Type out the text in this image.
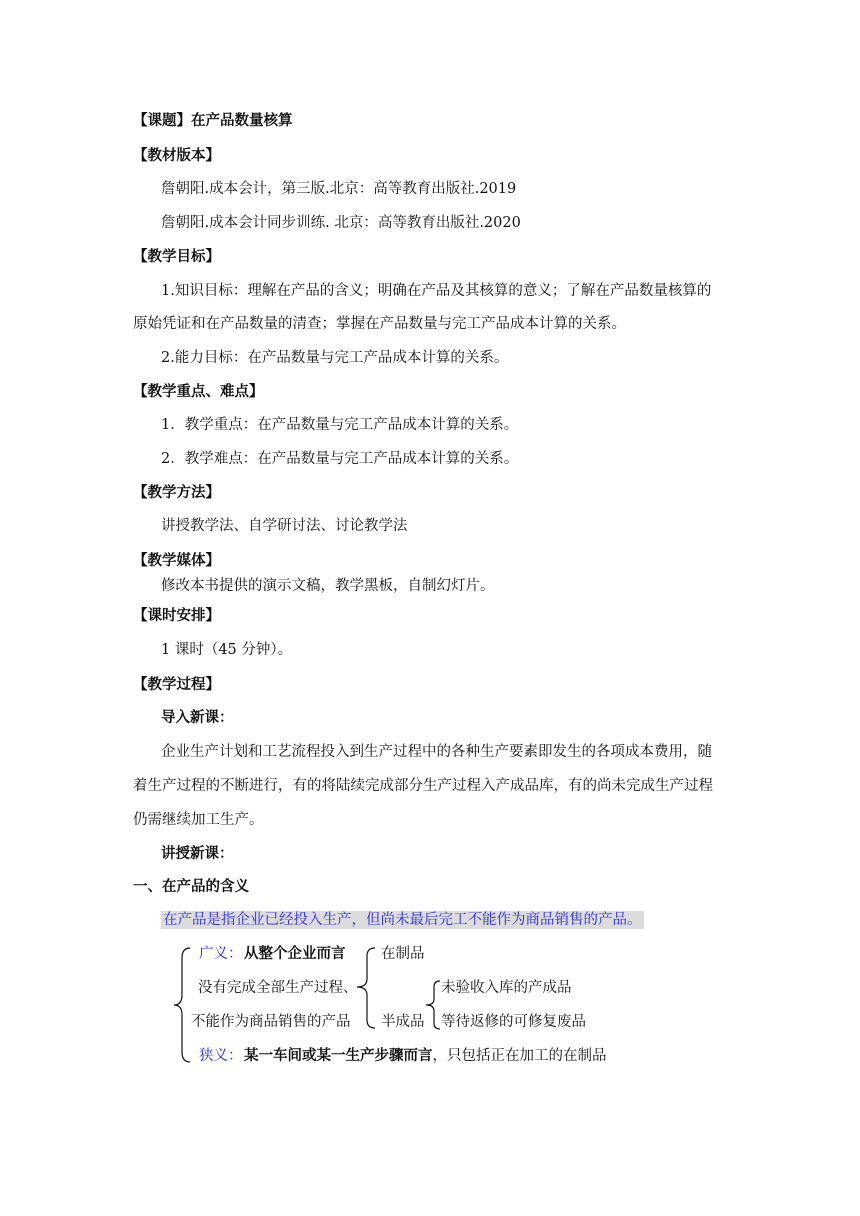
【课题】在产品数量核算
【教材版本】
詹朝阳.成本会计，第三版.北京：高等教育出版社.2019
詹朝阳.成本会计同步训练. 北京：高等教育出版社.2020
【教学目标】
1.知识目标：理解在产品的含义；明确在产品及其核算的意义；了解在产品数量核算的
原始凭证和在产品数量的清查；掌握在产品数量与完工产品成本计算的关系。
2.能力目标：在产品数量与完工产品成本计算的关系。
【教学重点、难点】
1．教学重点：在产品数量与完工产品成本计算的关系。
2．教学难点：在产品数量与完工产品成本计算的关系。
【教学方法】
讲授教学法、自学研讨法、讨论教学法
【教学媒体】
修改本书提供的演示文稿，教学黑板，自制幻灯片。
【课时安排】
1 课时（45 分钟）。
【教学过程】
导入新课：
企业生产计划和工艺流程投入到生产过程中的各种生产要素即发生的各项成本费用，随
着生产过程的不断进行，有的将陆续完成部分生产过程入产成品库，有的尚未完成生产过程
仍需继续加工生产。
讲授新课：
一、在产品的含义
在产品是指企业已经投入生产，但尚未最后完工不能作为商品销售的产品。
广义： 从整个企业而言
没有完成全部生产过程、
不能作为商品销售的产品
在制品
半成品
未验收入库的产成品
等待返修的可修复废品
狭义： 某一车间或某一生产步骤而言，只包括正在加工的在制品
